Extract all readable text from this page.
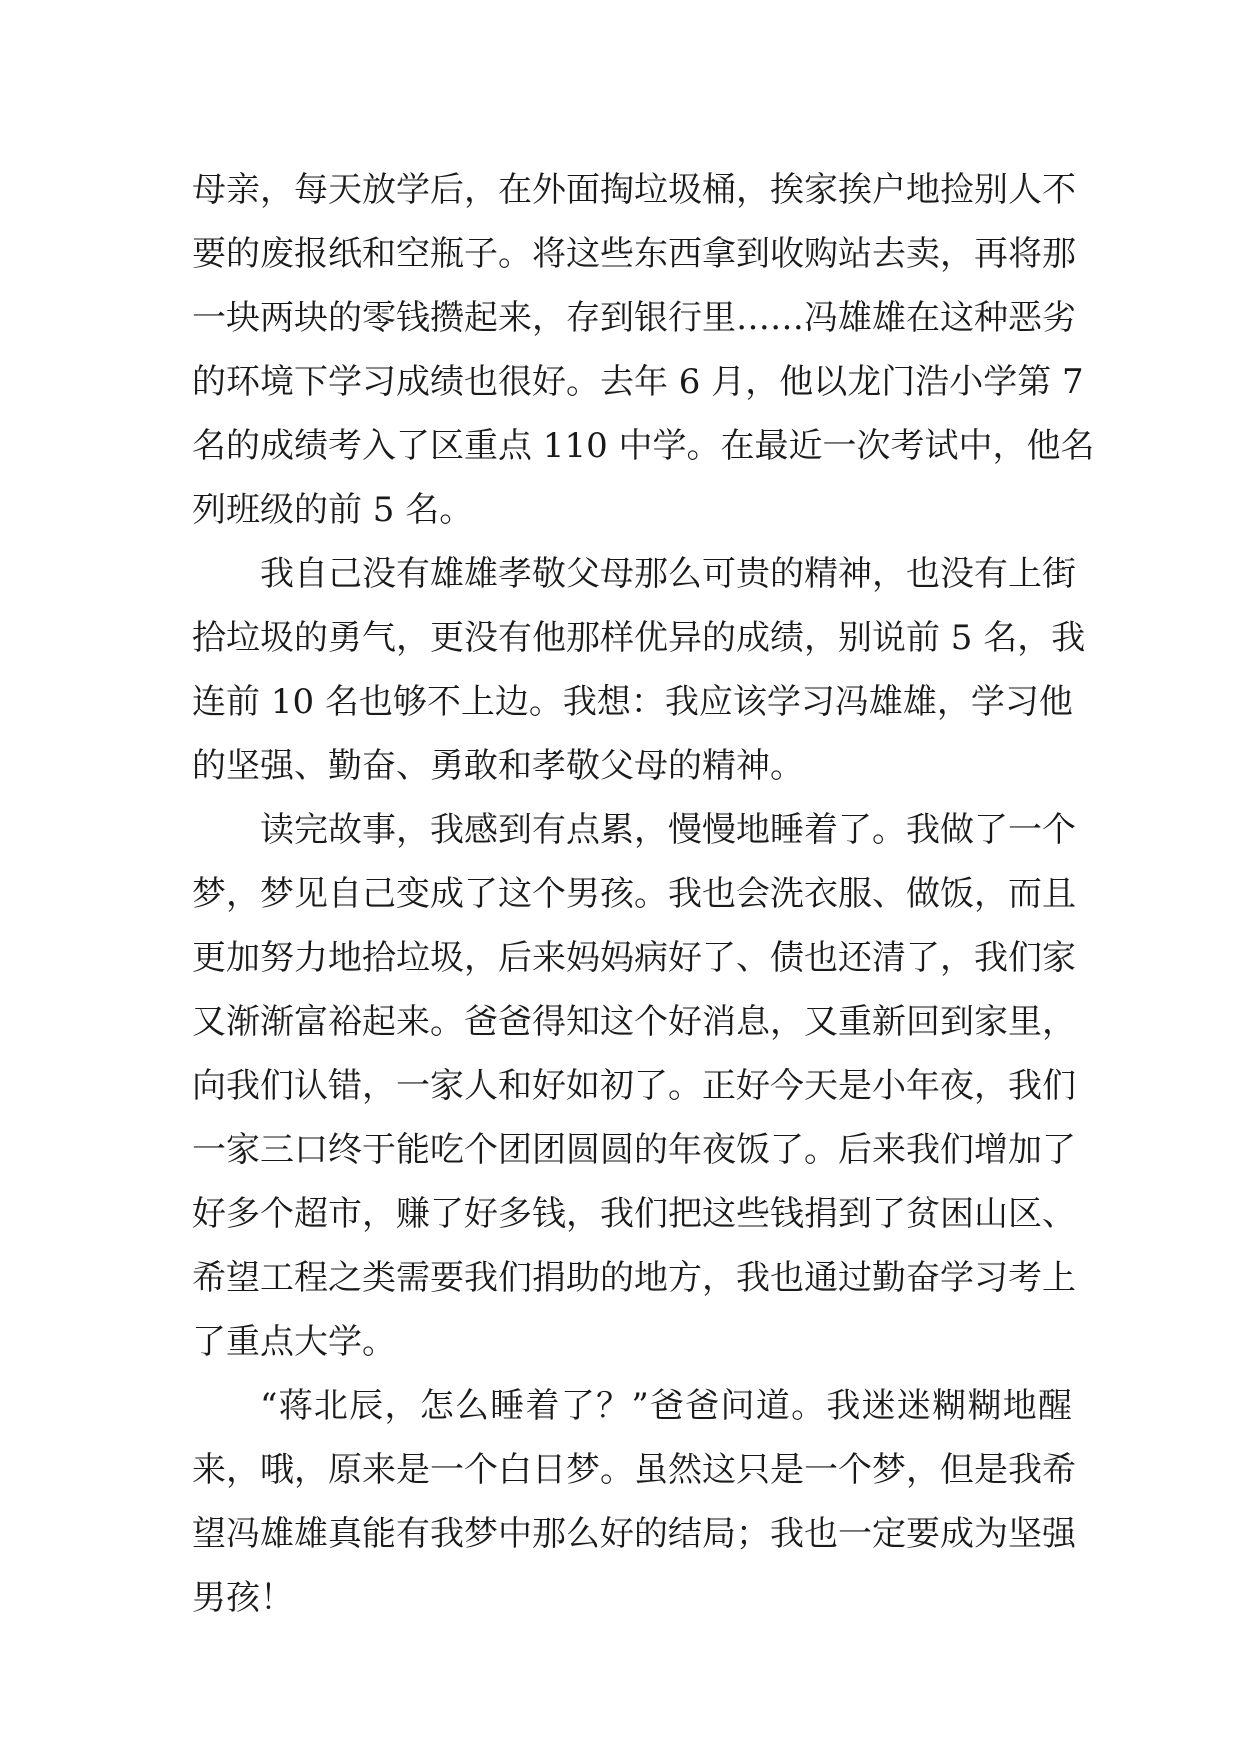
母亲，每天放学后，在外面掏垃圾桶，挨家挨户地捡别人不
要的废报纸和空瓶子。将这些东西拿到收购站去卖，再将那
一块两块的零钱攒起来，存到银行里……冯雄雄在这种恶劣
的环境下学习成绩也很好。去年 6 月，他以龙门浩小学第 7
名的成绩考入了区重点 110 中学。在最近一次考试中，他名
列班级的前 5 名。
我自己没有雄雄孝敬父母那么可贵的精神，也没有上街
拾垃圾的勇气，更没有他那样优异的成绩，别说前 5 名，我
连前 10 名也够不上边。我想：我应该学习冯雄雄，学习他
的坚强、勤奋、勇敢和孝敬父母的精神。
读完故事，我感到有点累，慢慢地睡着了。我做了一个
梦，梦见自己变成了这个男孩。我也会洗衣服、做饭，而且
更加努力地拾垃圾，后来妈妈病好了、债也还清了，我们家
又渐渐富裕起来。爸爸得知这个好消息，又重新回到家里，
向我们认错，一家人和好如初了。正好今天是小年夜，我们
一家三口终于能吃个团团圆圆的年夜饭了。后来我们增加了
好多个超市，赚了好多钱，我们把这些钱捐到了贫困山区、
希望工程之类需要我们捐助的地方，我也通过勤奋学习考上
了重点大学。
“蒋北辰，怎么睡着了？”爸爸问道。我迷迷糊糊地醒
来，哦，原来是一个白日梦。虽然这只是一个梦，但是我希
望冯雄雄真能有我梦中那么好的结局；我也一定要成为坚强
男孩！
